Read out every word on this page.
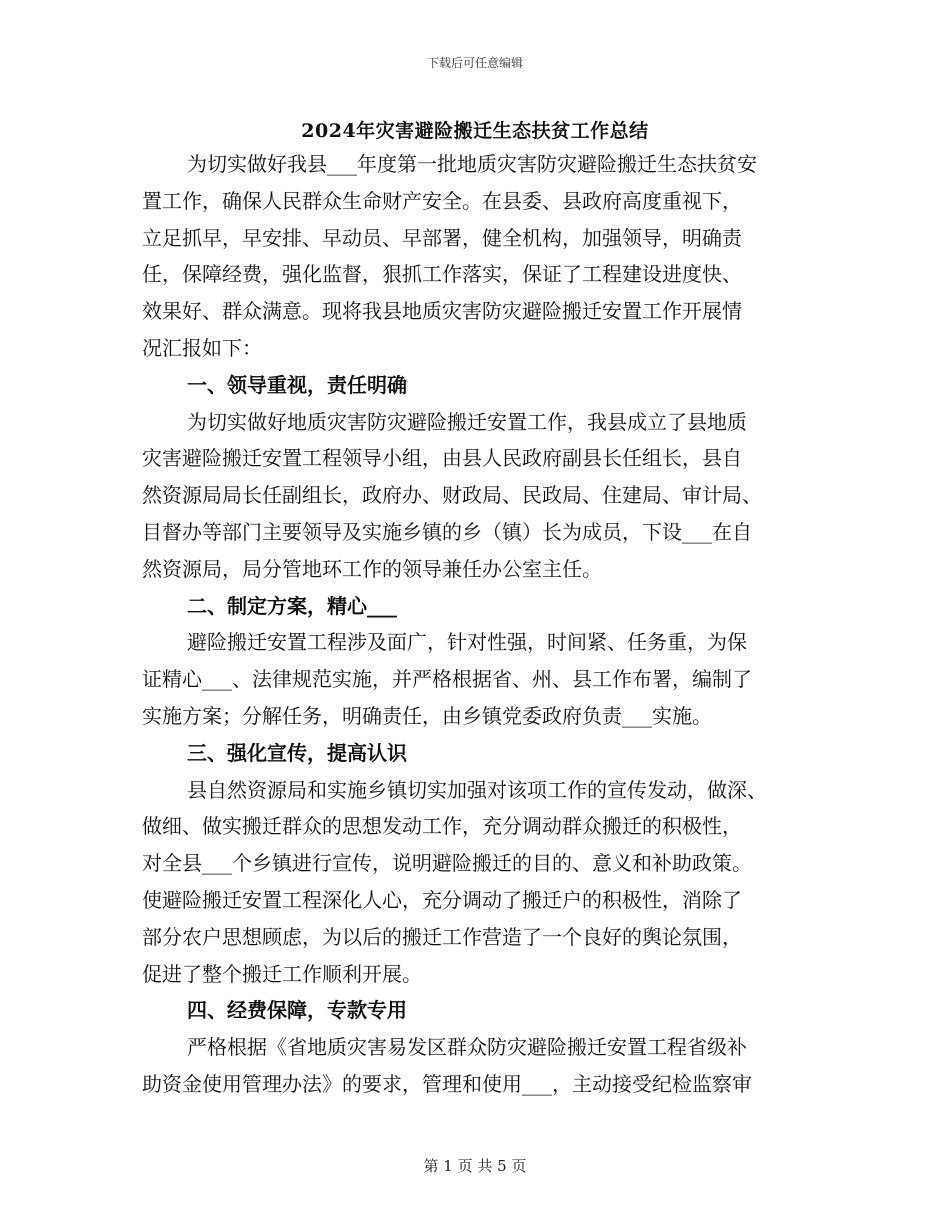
下载后可任意编辑
2024年灾害避险搬迁生态扶贫工作总结
为切实做好我县___年度第一批地质灾害防灾避险搬迁生态扶贫安
置工作，确保人民群众生命财产安全。在县委、县政府高度重视下，
立足抓早，早安排、早动员、早部署，健全机构，加强领导，明确责
任，保障经费，强化监督，狠抓工作落实，保证了工程建设进度快、
效果好、群众满意。现将我县地质灾害防灾避险搬迁安置工作开展情
况汇报如下：
一、领导重视，责任明确
为切实做好地质灾害防灾避险搬迁安置工作，我县成立了县地质
灾害避险搬迁安置工程领导小组，由县人民政府副县长任组长，县自
然资源局局长任副组长，政府办、财政局、民政局、住建局、审计局、
目督办等部门主要领导及实施乡镇的乡（镇）长为成员，下设___在自
然资源局，局分管地环工作的领导兼任办公室主任。
二、制定方案，精心___
避险搬迁安置工程涉及面广，针对性强，时间紧、任务重，为保
证精心___、法律规范实施，并严格根据省、州、县工作布署，编制了
实施方案；分解任务，明确责任，由乡镇党委政府负责___实施。
三、强化宣传，提高认识
县自然资源局和实施乡镇切实加强对该项工作的宣传发动，做深、
做细、做实搬迁群众的思想发动工作，充分调动群众搬迁的积极性，
对全县___个乡镇进行宣传，说明避险搬迁的目的、意义和补助政策。
使避险搬迁安置工程深化人心，充分调动了搬迁户的积极性，消除了
部分农户思想顾虑，为以后的搬迁工作营造了一个良好的舆论氛围，
促进了整个搬迁工作顺利开展。
四、经费保障，专款专用
严格根据《省地质灾害易发区群众防灾避险搬迁安置工程省级补
助资金使用管理办法》的要求，管理和使用___，主动接受纪检监察审
第 1 页 共 5 页
